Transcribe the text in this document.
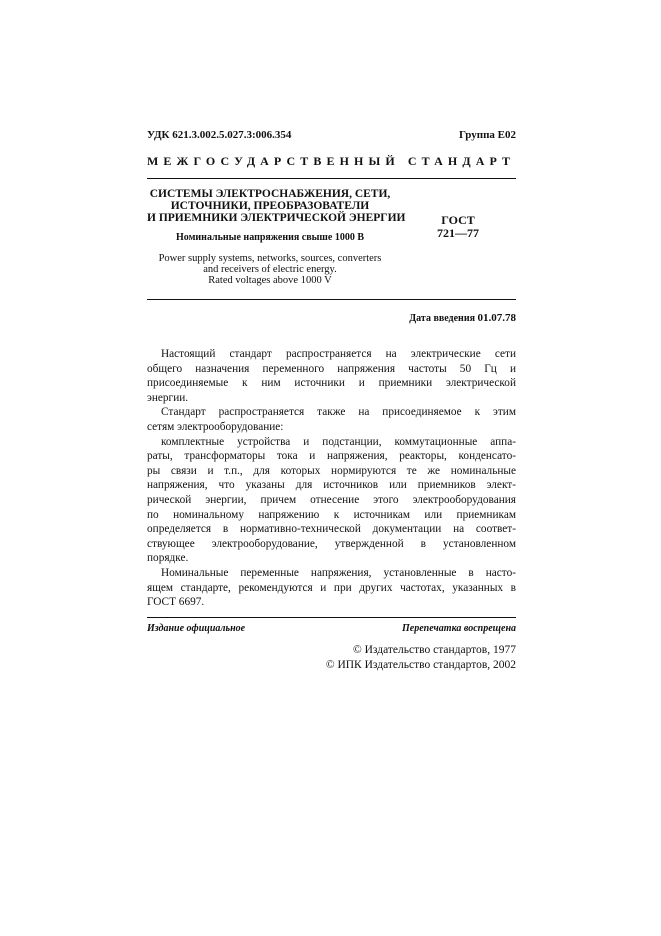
УДК 621.3.002.5.027.3:006.354	Группа Е02
МЕЖГОСУДАРСТВЕННЫЙ СТАНДАРТ
СИСТЕМЫ ЭЛЕКТРОСНАБЖЕНИЯ, СЕТИ,
ИСТОЧНИКИ, ПРЕОБРАЗОВАТЕЛИ
И ПРИЕМНИКИ ЭЛЕКТРИЧЕСКОЙ ЭНЕРГИИ
Номинальные напряжения свыше 1000 В
Power supply systems, networks, sources, converters
and receivers of electric energy.
Rated voltages above 1000 V
ГОСТ
721—77
Дата введения 01.07.78

Настоящий стандарт распространяется на электрические сети
общего назначения переменного напряжения частоты 50 Гц и
присоединяемые к ним источники и приемники электрической
энергии.

Стандарт распространяется также на присоединяемое к этим
сетям электрооборудование:

комплектные устройства и подстанции, коммутационные аппа-
раты, трансформаторы тока и напряжения, реакторы, конденсато-
ры связи и т.п., для которых нормируются те же номинальные
напряжения, что указаны для источников или приемников элект-
рической энергии, причем отнесение этого электрооборудования
по номинальному напряжению к источникам или приемникам
определяется в нормативно-технической документации на соответ-
ствующее электрооборудование, утвержденной в установленном
порядке.

Номинальные переменные напряжения, установленные в насто-
ящем стандарте, рекомендуются и при других частотах, указанных в
ГОСТ 6697.

Издание официальное	Перепечатка воспрещена
© Издательство стандартов, 1977
© ИПК Издательство стандартов, 2002
